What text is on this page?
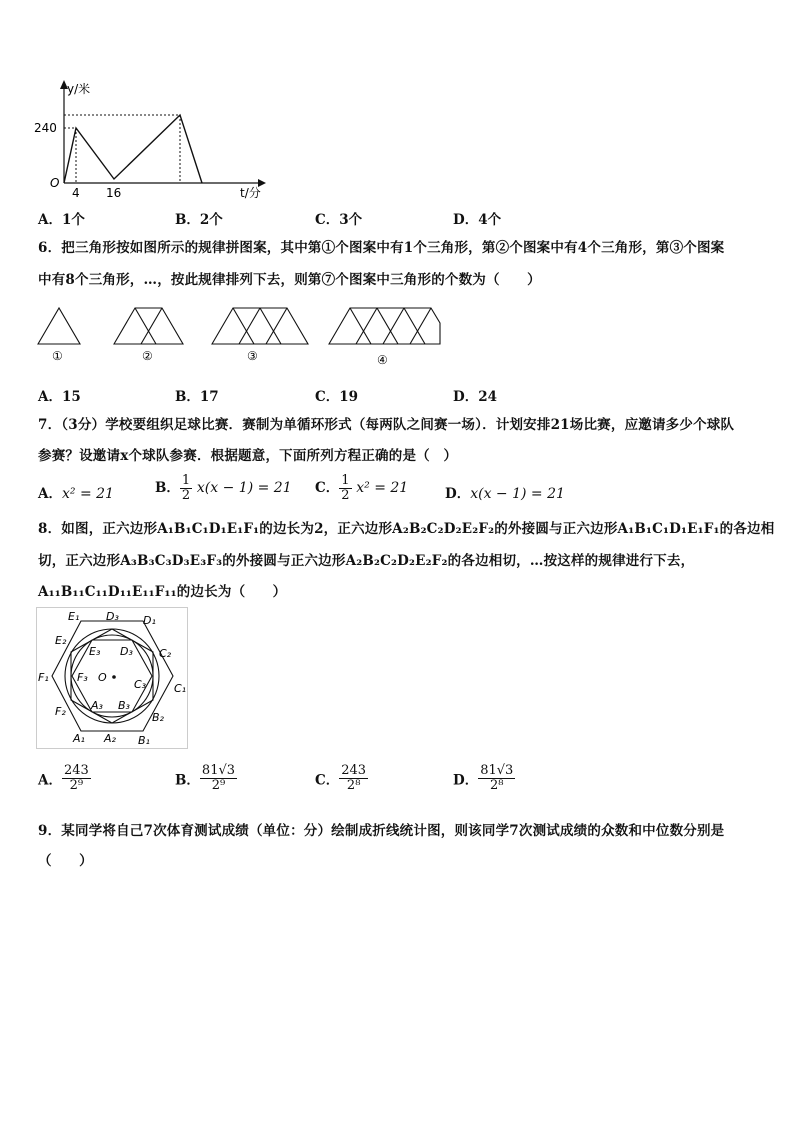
y/米
240
O
4 16	t/分
A．1个	B．2个	C．3个	D．4个
6．把三角形按如图所示的规律拼图案，其中第①个图案中有1个三角形，第②个图案中有4个三角形，第③个图案
中有8个三角形，…，按此规律排列下去，则第⑦个图案中三角形的个数为（　　）
①	②	③	④
A．15	B．17	C．19	D．24
7．（3分）学校要组织足球比赛．赛制为单循环形式（每两队之间赛一场）．计划安排21场比赛，应邀请多少个球队
参赛？设邀请x个球队参赛．根据题意，下面所列方程正确的是（　）
A．x² = 21	B． $\frac{1}{2} x(x - 1) = 21$ C． $\frac{1}{2} x^2 = 21$	D．x(x − 1) = 21
8．如图，正六边形A₁B₁C₁D₁E₁F₁的边长为2，正六边形A₂B₂C₂D₂E₂F₂的外接圆与正六边形A₁B₁C₁D₁E₁F₁的各边相
切，正六边形A₃B₃C₃D₃E₃F₃的外接圆与正六边形A₂B₂C₂D₂E₂F₂的各边相切，…按这样的规律进行下去，
A₁₁B₁₁C₁₁D₁₁E₁₁F₁₁的边长为（　　）
E₁ D₃ D₁
E₂
C₂
E₃ D₃
F₃ O
C₃
F₁
C₁
A₃ B₃
F₂	B₂
A₁ A₂ B₁
A． $\frac{243}{\text{2⁹}}$	B． $\frac{81√3}{\text{2⁹}}$	C． $\frac{243}{\text{2⁸}}$	D． $\frac{81√3}{\text{2⁸}}$
9．某同学将自己7次体育测试成绩（单位：分）绘制成折线统计图，则该同学7次测试成绩的众数和中位数分别是
（　　）
